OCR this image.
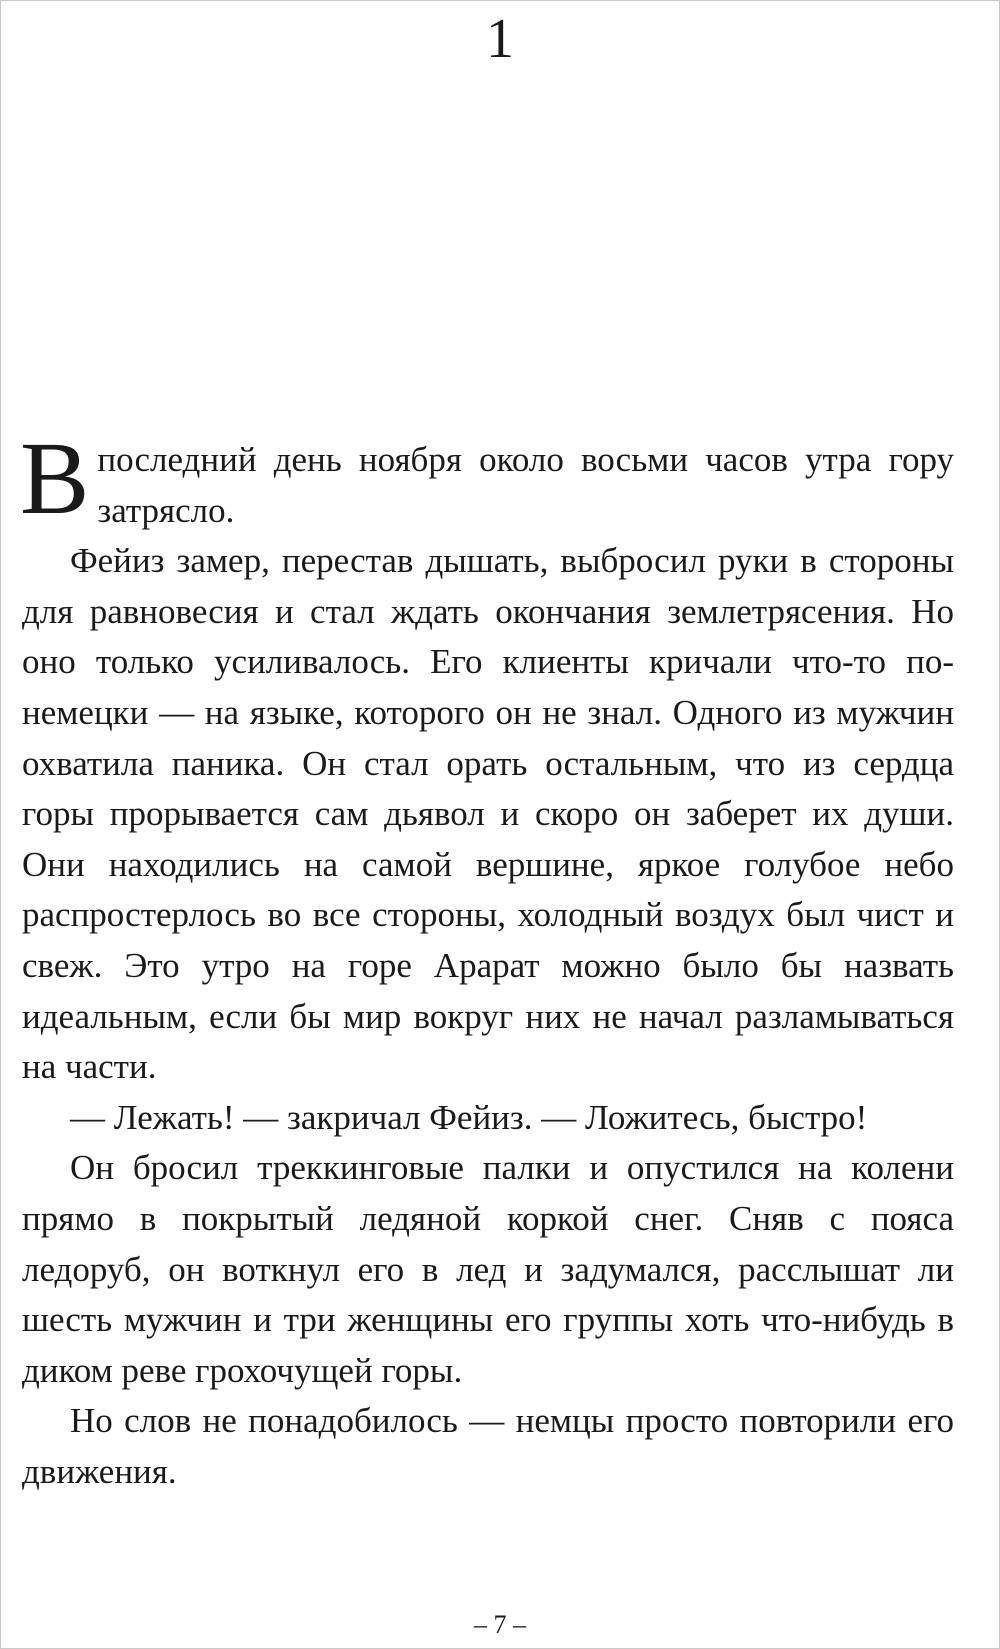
1

В последний день ноября около восьми часов утра гору затрясло.

Фейиз замер, перестав дышать, выбросил руки в стороны для равновесия и стал ждать окончания землетрясения. Но оно только усиливалось. Его клиенты кричали что-то по-немецки — на языке, которого он не знал. Одного из мужчин охватила паника. Он стал орать остальным, что из сердца горы прорывается сам дьявол и скоро он заберет их души. Они находились на самой вершине, яркое голубое небо распростерлось во все стороны, холодный воздух был чист и свеж. Это утро на горе Арарат можно было бы назвать идеальным, если бы мир вокруг них не начал разламываться на части.

— Лежать! — закричал Фейиз. — Ложитесь, быстро!

Он бросил треккинговые палки и опустился на колени прямо в покрытый ледяной коркой снег. Сняв с пояса ледоруб, он воткнул его в лед и задумался, расслышат ли шесть мужчин и три женщины его группы хоть что-нибудь в диком реве грохочущей горы.

Но слов не понадобилось — немцы просто повторили его движения.

– 7 –
